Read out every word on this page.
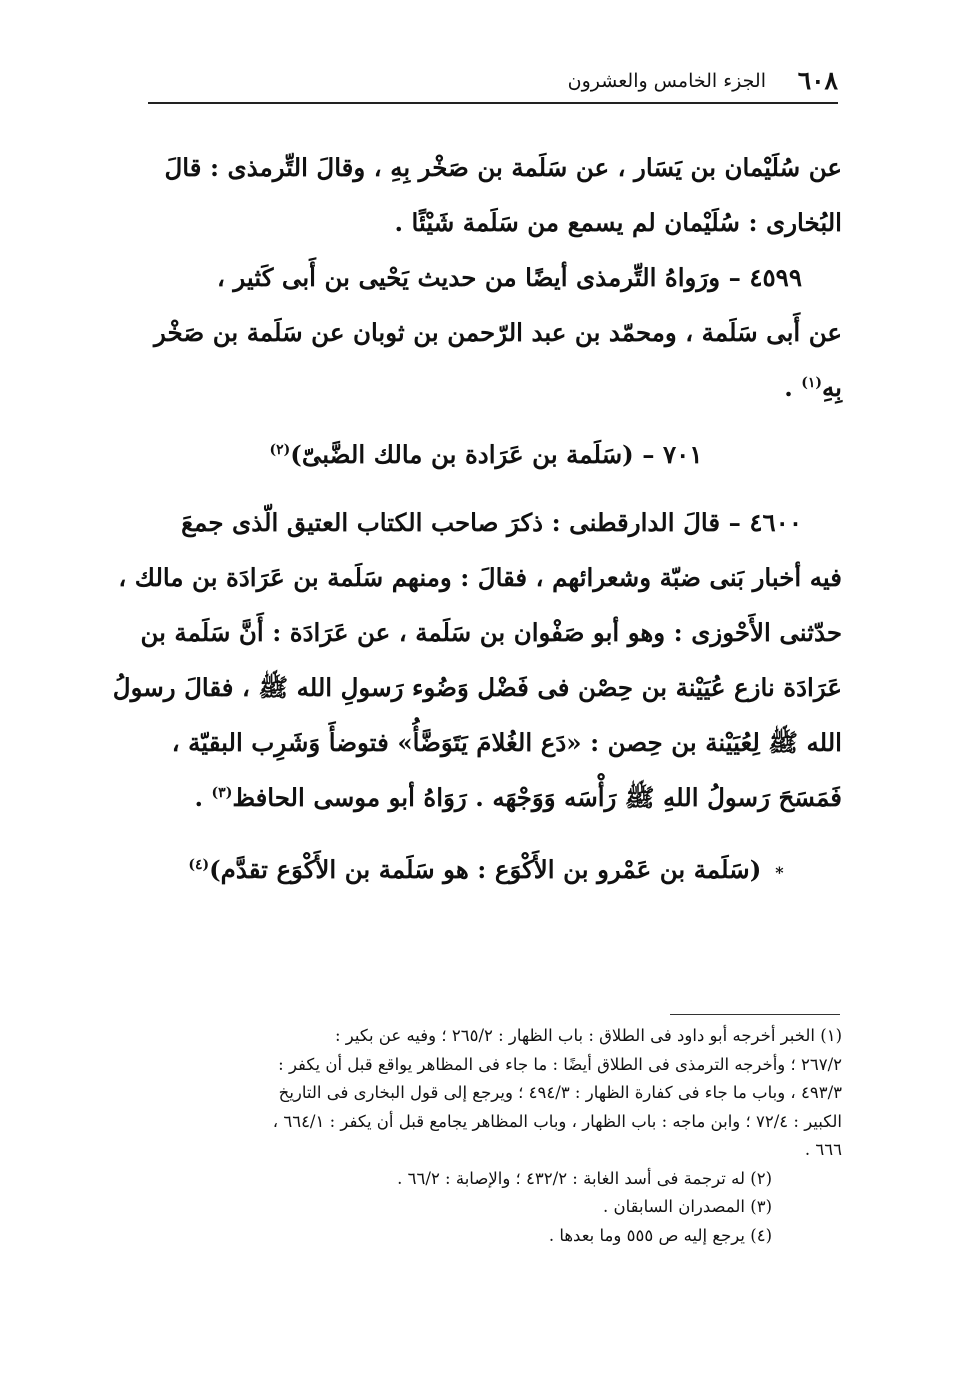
٦٠٨
الجزء الخامس والعشرون
عن سُلَيْمان بن يَسَار ، عن سَلَمة بن صَخْر بِهِ ، وقالَ التِّرمذى : قالَ
البُخارى : سُلَيْمان لم يسمع من سَلَمة شَيْئًا .
٤٥٩٩ – ورَواهُ التِّرمذى أيضًا من حديث يَحْيى بن أَبى كَثير ،
عن أَبى سَلَمة ، ومحمّد بن عبد الرّحمن بن ثوبان عن سَلَمة بن صَخْر
بِهِ$^{(١)}$ .
٧٠١ – (سَلَمة بن عَرَادة بن مالك الضَّبىّ)$^{(٢)}$
٤٦٠٠ – قالَ الدارقطنى : ذكرَ صاحب الكتاب العتيق الّذى جمعَ
فيه أخبار بَنى ضبّة وشعرائهم ، فقالَ : ومنهم سَلَمة بن عَرَادَة بن مالك ،
حدّثنى الأَحْوزى : وهو أبو صَفْوان بن سَلَمة ، عن عَرَادَة : أَنَّ سَلَمة بن
عَرَادَة نازع عُيَيْنة بن حِصْن فى فَضْل وَضُوء رَسولِ الله ﷺ ، فقالَ رسولُ
الله ﷺ لِعُيَيْنة بن حِصن : «دَع الغُلامَ يَتَوَضَّأُ» فتوضأَ وَشَرِب البقيّة ،
فَمَسَحَ رَسولُ اللهِ ﷺ رَأْسَه وَوَجْهَه . رَوَاهُ أبو موسى الحافظ$^{(٣)}$ .
*(سَلَمة بن عَمْرو بن الأَكْوَع : هو سَلَمة بن الأَكْوَع تقدَّم)$^{(٤)}$
(١) الخبر أخرجه أبو داود فى الطلاق : باب الظهار : ٢٦٥/٢ ؛ وفيه عن بكير :
٢٦٧/٢ ؛ وأخرجه الترمذى فى الطلاق أيضًا : ما جاء فى المظاهر يواقع قبل أن يكفر :
٤٩٣/٣ ، وباب ما جاء فى كفارة الظهار : ٤٩٤/٣ ؛ ويرجع إلى قول البخارى فى التاريخ
الكبير : ٧٢/٤ ؛ وابن ماجه : باب الظهار ، وباب المظاهر يجامع قبل أن يكفر : ٦٦٤/١ ،
٦٦٦ .
(٢) له ترجمة فى أسد الغابة : ٤٣٢/٢ ؛ والإصابة : ٦٦/٢ .
(٣) المصدران السابقان .
(٤) يرجع إليه ص ٥٥٥ وما بعدها .
